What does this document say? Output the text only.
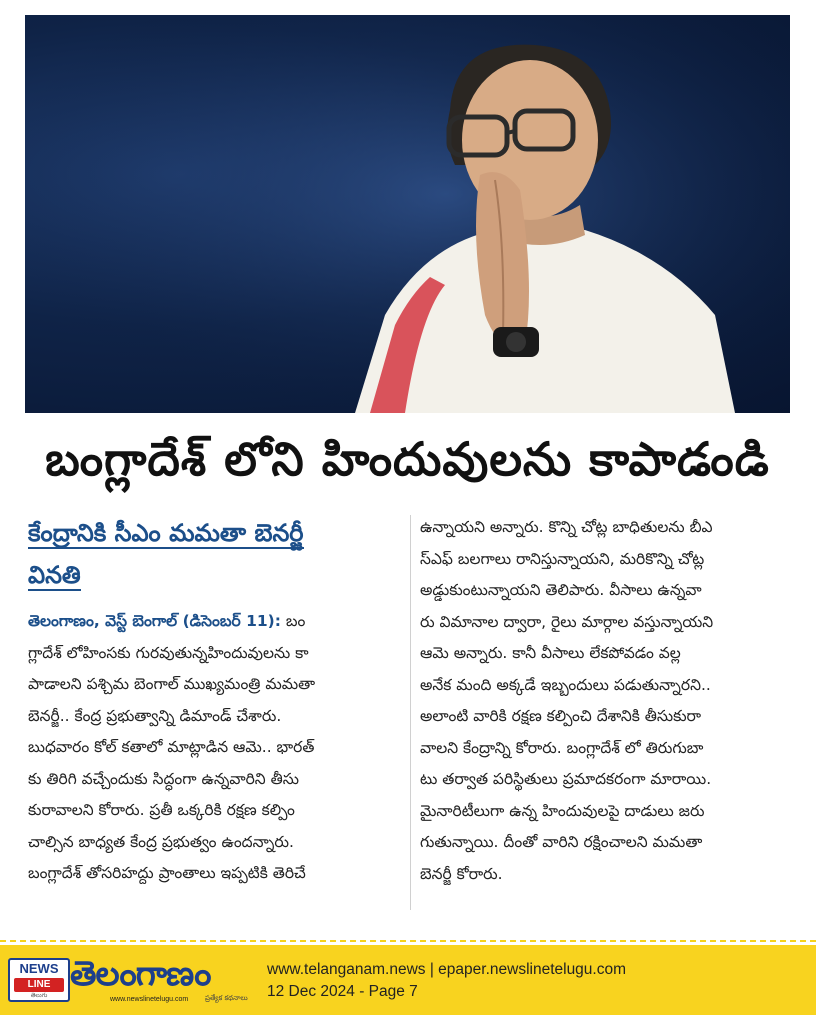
బంగ్లాదేశ్ లోని హిందువులను కాపాడండి
కేంద్రానికి సీఎం మమతా బెనర్జీ
వినతి
తెలంగాణం, వెస్ట్ బెంగాల్ (డిసెంబర్ 11): బం
గ్లాదేశ్ లోహింసకు గురవుతున్నహిందువులను కా
పాడాలని పశ్చిమ బెంగాల్ ముఖ్యమంత్రి మమతా
బెనర్జీ.. కేంద్ర ప్రభుత్వాన్ని డిమాండ్ చేశారు.
బుధవారం కోల్ కతాలో మాట్లాడిన ఆమె.. భారత్
కు తిరిగి వచ్చేందుకు సిద్ధంగా ఉన్నవారిని తీసు
కురావాలని కోరారు. ప్రతీ ఒక్కరికి రక్షణ కల్పిం
చాల్సిన బాధ్యత కేంద్ర ప్రభుత్వం ఉందన్నారు.
బంగ్లాదేశ్ తోసరిహద్దు ప్రాంతాలు ఇప్పటికి తెరిచే
ఉన్నాయని అన్నారు. కొన్ని చోట్ల బాధితులను బీఎ
స్ఎఫ్ బలగాలు రానిస్తున్నాయని, మరికొన్ని చోట్ల
అడ్డుకుంటున్నాయని తెలిపారు. వీసాలు ఉన్నవా
రు విమానాల ద్వారా, రైలు మార్గాల వస్తున్నాయని
ఆమె అన్నారు. కానీ వీసాలు లేకపోవడం వల్ల
అనేక మంది అక్కడే ఇబ్బందులు పడుతున్నారని..
అలాంటి వారికి రక్షణ కల్పించి దేశానికి తీసుకురా
వాలని కేంద్రాన్ని కోరారు. బంగ్లాదేశ్ లో తిరుగుబా
టు తర్వాత పరిస్థితులు ప్రమాదకరంగా మారాయి.
మైనారిటీలుగా ఉన్న హిందువులపై దాడులు జరు
గుతున్నాయి. దీంతో వారిని రక్షించాలని మమతా
బెనర్జీ కోరారు.
NEWS
LINE
తెలుగు
తెలంగాణం
www.newslinetelugu.com ప్రత్యేక కథనాలు
www.telanganam.news | epaper.newslinetelugu.com
12 Dec 2024 - Page 7
